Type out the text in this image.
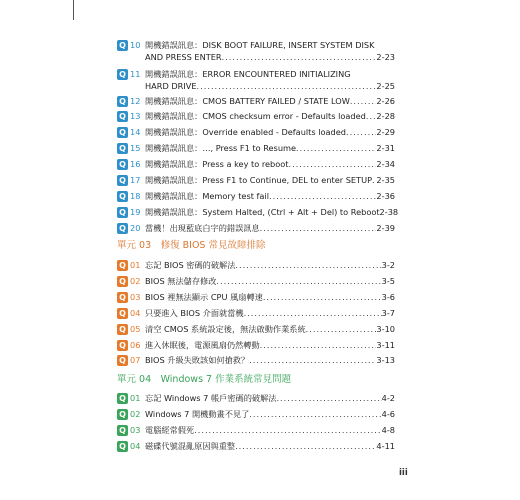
Q 10 開機錯誤訊息：DISK BOOT FAILURE, INSERT SYSTEM DISK
AND PRESS ENTER .....	2-23
Q 11 開機錯誤訊息：ERROR ENCOUNTERED INITIALIZING
HARD DRIVE .....	2-25
Q 12 開機錯誤訊息：CMOS BATTERY FAILED / STATE LOW .....	2-26
Q 13 開機錯誤訊息：CMOS checksum error - Defaults loaded ..... 2-28
Q 14 開機錯誤訊息：Override enabled - Defaults loaded .....	2-29
Q 15 開機錯誤訊息：…, Press F1 to Resume .....	2-31
Q 16 開機錯誤訊息：Press a key to reboot .....	2-34
Q 17 開機錯誤訊息：Press F1 to Continue, DEL to enter SETUP ..... 2-35
Q 18 開機錯誤訊息：Memory test fail .....	2-36
Q 19 開機錯誤訊息：System Halted, (Ctrl + Alt + Del) to Reboot 2-38
Q 20 當機！出現藍底白字的錯誤訊息 .....	2-39
單元 03　修復 BIOS 常見故障排除
Q 01 忘記 BIOS 密碼的破解法 .....	3-2
Q 02 BIOS 無法儲存修改 .....	3-5
Q 03 BIOS 裡無法顯示 CPU 風扇轉速 .....	3-6
Q 04 只要進入 BIOS 介面就當機 .....	3-7
Q 05 清空 CMOS 系統設定後，無法啟動作業系統 .....	3-10
Q 06 進入休眠後，電源風扇仍然轉動 .....	3-11
Q 07 BIOS 升級失敗該如何搶救？ .....	3-13
單元 04　Windows 7 作業系統常見問題
Q 01 忘記 Windows 7 帳戶密碼的破解法 .....	4-2
Q 02 Windows 7 開機動畫不見了 .....	4-6
Q 03 電腦經常假死 .....	4-8
Q 04 磁碟代號混亂原因與重整 .....	4-11
iii
